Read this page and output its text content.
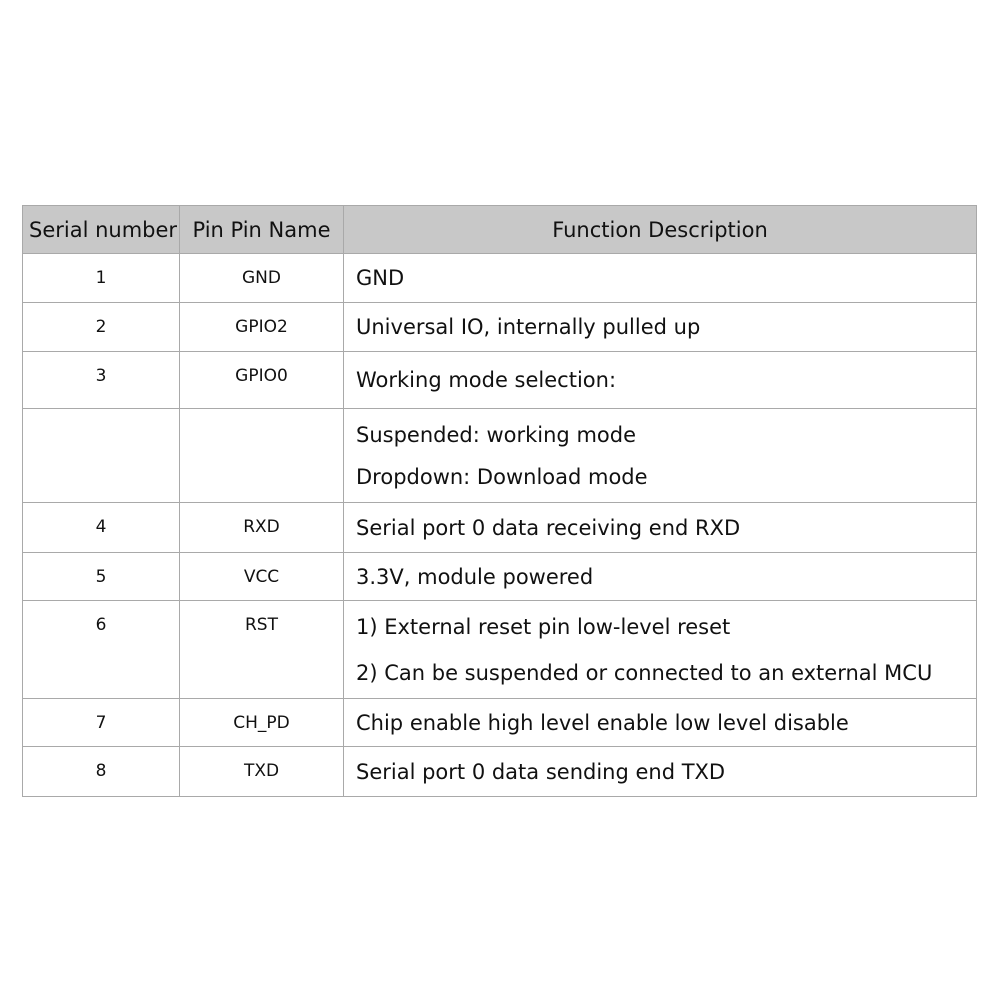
Serial number	Pin Pin Name	Function Description
1	GND	GND

2	GPIO2	Universal IO, internally pulled up

3	GPIO0	Working mode selection:

		Suspended: working mode
Dropdown: Download mode

4	RXD	Serial port 0 data receiving end RXD

5	VCC	3.3V, module powered

6	RST	1) External reset pin low-level reset
2) Can be suspended or connected to an external MCU

7	CH_PD	Chip enable high level enable low level disable

8	TXD	Serial port 0 data sending end TXD
